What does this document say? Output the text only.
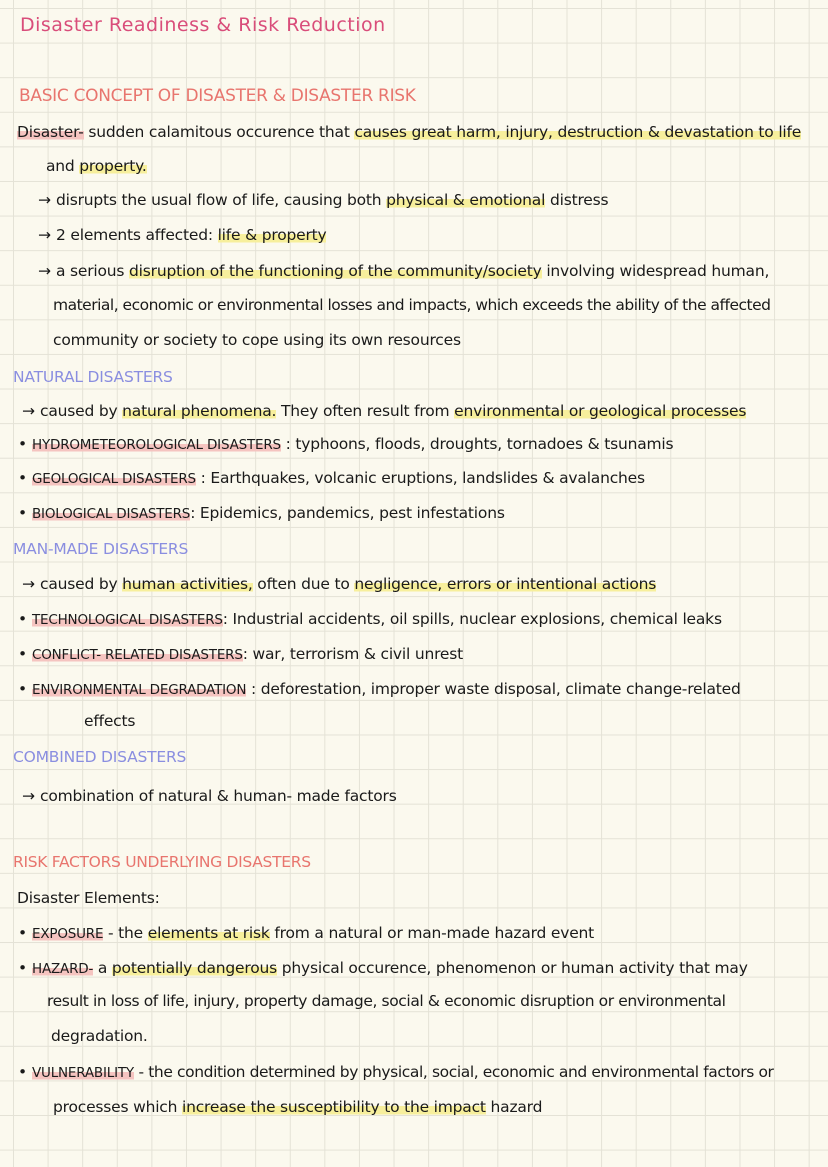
Disaster Readiness & Risk Reduction
BASIC CONCEPT OF DISASTER & DISASTER RISK
Disaster- sudden calamitous occurence that causes great harm, injury, destruction & devastation to life
and property.
→ disrupts the usual flow of life, causing both physical & emotional distress
→ 2 elements affected: life & property
→ a serious disruption of the functioning of the community/society involving widespread human,
material, economic or environmental losses and impacts, which exceeds the ability of the affected
community or society to cope using its own resources
NATURAL DISASTERS
→ caused by natural phenomena. They often result from environmental or geological processes
• HYDROMETEOROLOGICAL DISASTERS : typhoons, floods, droughts, tornadoes & tsunamis
• GEOLOGICAL DISASTERS : Earthquakes, volcanic eruptions, landslides & avalanches
• BIOLOGICAL DISASTERS: Epidemics, pandemics, pest infestations
MAN-MADE DISASTERS
→ caused by human activities, often due to negligence, errors or intentional actions
• TECHNOLOGICAL DISASTERS: Industrial accidents, oil spills, nuclear explosions, chemical leaks
• CONFLICT- RELATED DISASTERS: war, terrorism & civil unrest
• ENVIRONMENTAL DEGRADATION : deforestation, improper waste disposal, climate change-related
effects
COMBINED DISASTERS
→ combination of natural & human- made factors
RISK FACTORS UNDERLYING DISASTERS
Disaster Elements:
• EXPOSURE - the elements at risk from a natural or man-made hazard event
• HAZARD- a potentially dangerous physical occurence, phenomenon or human activity that may
result in loss of life, injury, property damage, social & economic disruption or environmental
degradation.
• VULNERABILITY - the condition determined by physical, social, economic and environmental factors or
processes which increase the susceptibility to the impact hazard
